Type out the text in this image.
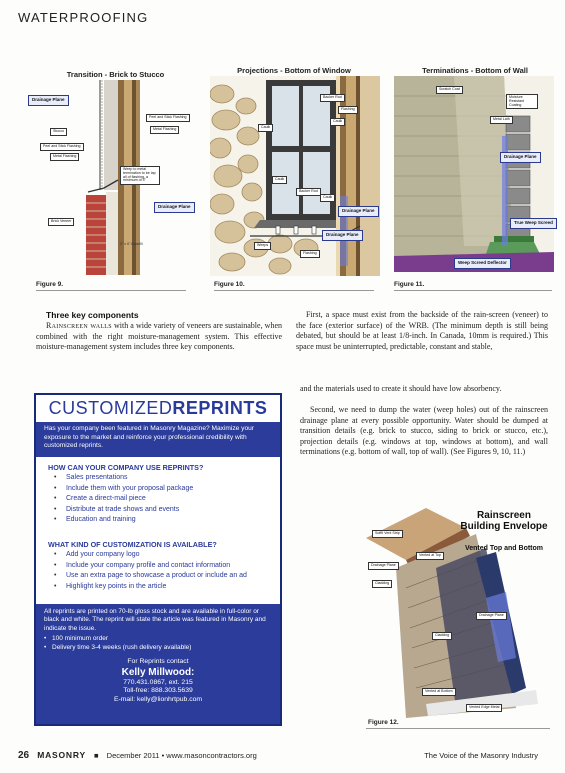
WATERPROOFING
Transition - Brick to Stucco
Drainage Plane
Peel and Stick Flashing
Metal Flashing
Stucco
Peel and Stick Flashing
Metal Flashing
Weep to metal termination to be lap all of flashing, a minimum of 4"
Drainage Plane
Brick Veneer
2" x 6" Backfill
Figure 9.
Projections - Bottom of Window
Backer Rod
Flashing
Caulk
Caulk
Caulk
Backer Rod
Caulk
Drainage Plane
Drainage Plane
Weeps
Flashing
Figure 10.
Terminations - Bottom of Wall
Scratch Coat
Moisture Resistant Coating
Metal Lath
Drainage Plane
True Weep Screed
Weep Screed Deflector
Figure 11.
Three key components
Rainscreen walls with a wide variety of veneers are sustainable, when combined with the right moisture-management system. This effective moisture-management system includes three key components.
First, a space must exist from the backside of the rain-screen (veneer) to the face (exterior surface) of the WRB. (The minimum depth is still being debated, but should be at least 1/8-inch. In Canada, 10mm is required.) This space must be uninterrupted, predictable, constant and stable,
and the materials used to create it should have low absorbency.
Second, we need to dump the water (weep holes) out of the rainscreen drainage plane at every possible opportunity. Water should be dumped at transition details (e.g. brick to stucco, siding to brick or stucco, etc.), projection details (e.g. windows at top, windows at bottom), and wall terminations (e.g. bottom of wall, top of wall). (See Figures 9, 10, 11.)
CUSTOMIZEDREPRINTS
Has your company been featured in Masonry Magazine? Maximize your exposure to the market and reinforce your professional credibility with customized reprints.
HOW CAN YOUR COMPANY USE REPRINTS?
• Sales presentations
• Include them with your proposal package
• Create a direct-mail piece
• Distribute at trade shows and events
• Education and training
WHAT KIND OF CUSTOMIZATION IS AVAILABLE?
• Add your company logo
• Include your company profile and contact information
• Use an extra page to showcase a product or include an ad
• Highlight key points in the article
All reprints are printed on 70-lb gloss stock and are available in full-color or black and white. The reprint will state the article was featured in Masonry and indicate the issue.
• 100 minimum order
• Delivery time 3-4 weeks (rush delivery available)
For Reprints contact
Kelly Millwood:
770.431.0867, ext. 215
Toll-free: 888.303.5639
E-mail: kelly@lionhrtpub.com
Soffit Vent Strip
Vented at Top
Drainage Plane
Cladding
Drainage Plane
Cladding
Vented at Bottom
Vented Edge Metal
Rainscreen Building Envelope
Vented Top and Bottom
Figure 12.
26 MASONRY ■ December 2011 • www.masoncontractors.org	The Voice of the Masonry Industry
